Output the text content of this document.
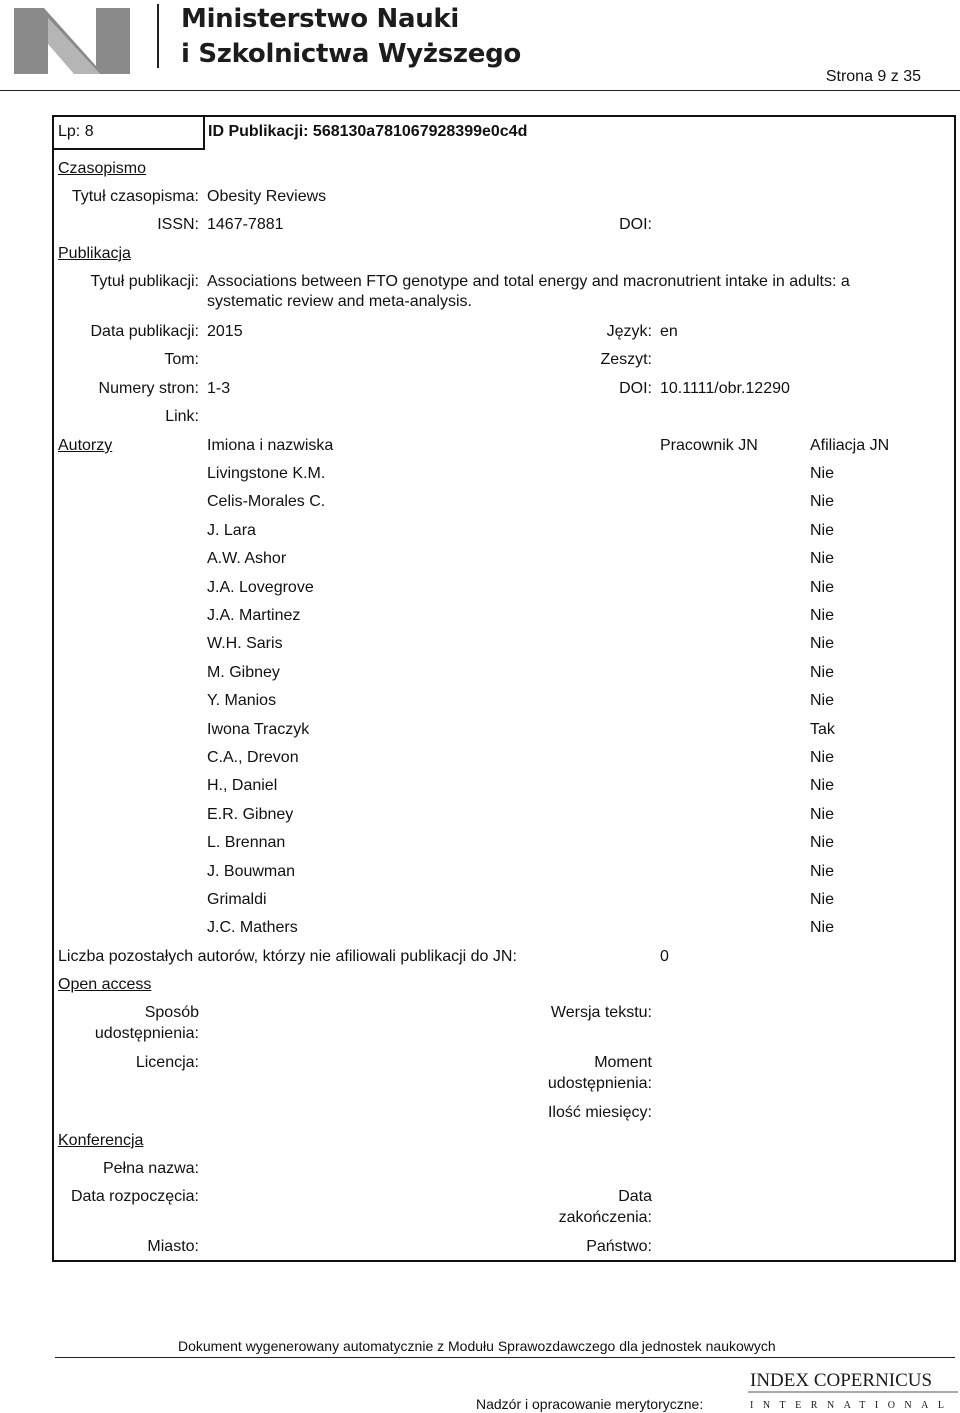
Ministerstwo Nauki
i Szkolnictwa Wyższego
Strona 9 z 35
Lp: 8	ID Publikacji: 568130a781067928399e0c4d
Czasopismo
Tytuł czasopisma: Obesity Reviews
ISSN: 1467-7881	DOI:
Publikacja
Tytuł publikacji: Associations between FTO genotype and total energy and macronutrient intake in adults: a
systematic review and meta-analysis.
Data publikacji: 2015	Język: en
Tom:	Zeszyt:
Numery stron: 1-3	DOI: 10.1111/obr.12290
Link:
Autorzy	Imiona i nazwiska	Pracownik JN	Afiliacja JN
Livingstone K.M.	Nie
Celis-Morales C.	Nie
J. Lara	Nie
A.W. Ashor	Nie
J.A. Lovegrove	Nie
J.A. Martinez	Nie
W.H. Saris	Nie
M. Gibney	Nie
Y. Manios	Nie
Iwona Traczyk	Tak
C.A., Drevon	Nie
H., Daniel	Nie
E.R. Gibney	Nie
L. Brennan	Nie
J. Bouwman	Nie
Grimaldi	Nie
J.C. Mathers	Nie
Liczba pozostałych autorów, którzy nie afiliowali publikacji do JN:	0
Open access
Sposób
udostępnienia:
Wersja tekstu:
Licencja:	Moment
udostępnienia:
Ilość miesięcy:
Konferencja
Pełna nazwa:
Data rozpoczęcia:	Data
zakończenia:
Miasto:	Państwo:
Dokument wygenerowany automatycznie z Modułu Sprawozdawczego dla jednostek naukowych
Nadzór i opracowanie merytoryczne:
INDEX COPERNICUS
INTERNATIONAL
